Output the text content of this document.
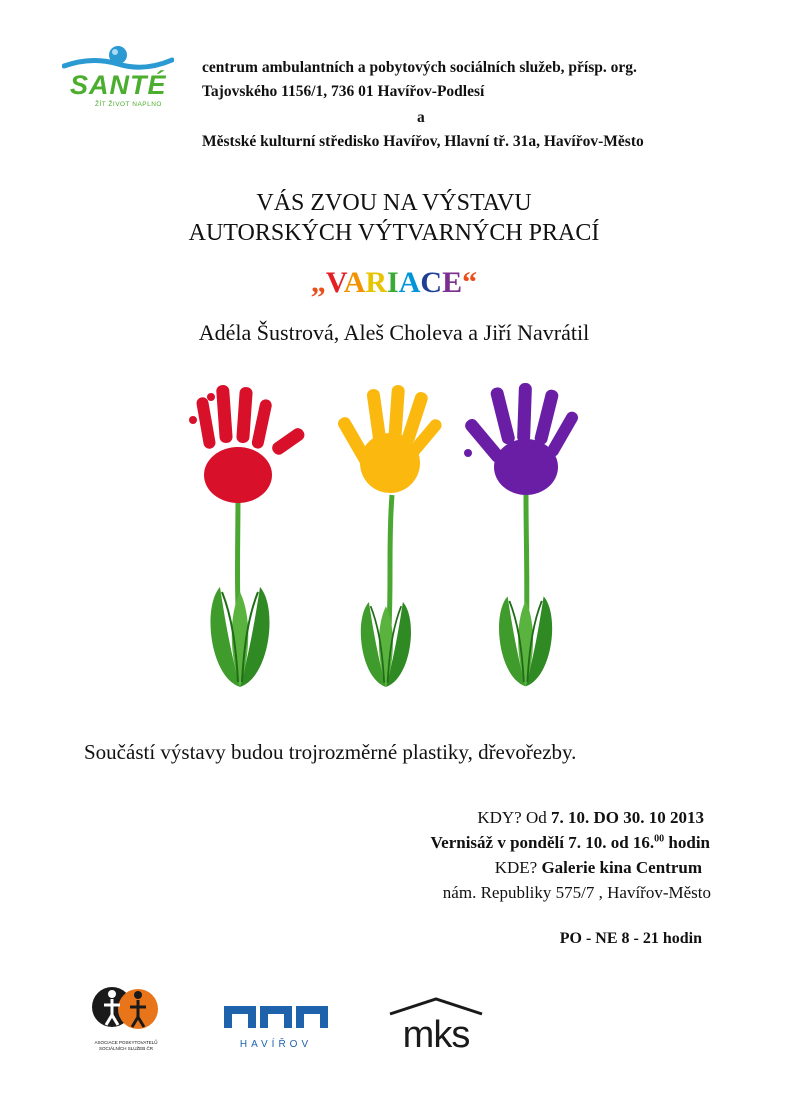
SANTÉ
ŽÍT ŽIVOT NAPLNO
centrum ambulantních a pobytových sociálních služeb, přísp. org.
Tajovského 1156/1, 736 01 Havířov-Podlesí
a
Městské kulturní středisko Havířov, Hlavní tř. 31a, Havířov-Město
VÁS ZVOU NA VÝSTAVU
AUTORSKÝCH VÝTVARNÝCH PRACÍ
„VARIACE“
Adéla Šustrová, Aleš Choleva a Jiří Navrátil
Součástí výstavy budou trojrozměrné plastiky, dřevořezby.
KDY? Od 7. 10. DO 30. 10 2013
Vernisáž v pondělí 7. 10. od 16.00 hodin
KDE? Galerie kina Centrum
nám. Republiky 575/7 , Havířov-Město
PO - NE 8 - 21 hodin
ASOCIACE POSKYTOVATELŮ SOCIÁLNÍCH SLUŽEB ČR	HAVÍŘOV	mks
